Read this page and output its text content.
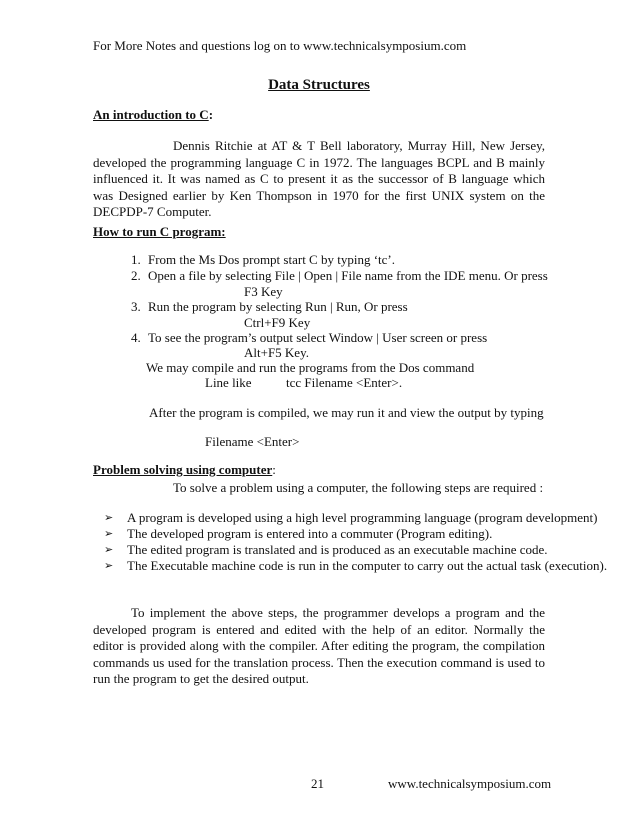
For More Notes and questions log on to www.technicalsymposium.com
Data Structures
An introduction to C:
Dennis Ritchie at AT & T Bell laboratory, Murray Hill, New Jersey, developed the programming language C in 1972. The languages BCPL and B mainly influenced it. It was named as C to present it as the successor of B language which was Designed earlier by Ken Thompson in 1970 for the first UNIX system on the DECPDP-7 Computer.
How to run C program:
1. From the Ms Dos prompt start C by typing ‘tc’.
2. Open a file by selecting File | Open | File name from the IDE menu. Or press
F3 Key
3. Run the program by selecting Run | Run, Or press
Ctrl+F9 Key
4. To see the program’s output select Window | User screen or press
Alt+F5 Key.
We may compile and run the programs from the Dos command
Line like	tcc Filename <Enter>.
After the program is compiled, we may run it and view the output by typing
Filename <Enter>
Problem solving using computer:
To solve a problem using a computer, the following steps are required :
➢	A program is developed using a high level programming language (program development)
➢	The developed program is entered into a commuter (Program editing).
➢	The edited program is translated and is produced as an executable machine code.
➢	The Executable machine code is run in the computer to carry out the actual task (execution).
To implement the above steps, the programmer develops a program and the developed program is entered and edited with the help of an editor. Normally the editor is provided along with the compiler. After editing the program, the compilation commands us used for the translation process. Then the execution command is used to run the program to get the desired output.
21	www.technicalsymposium.com
